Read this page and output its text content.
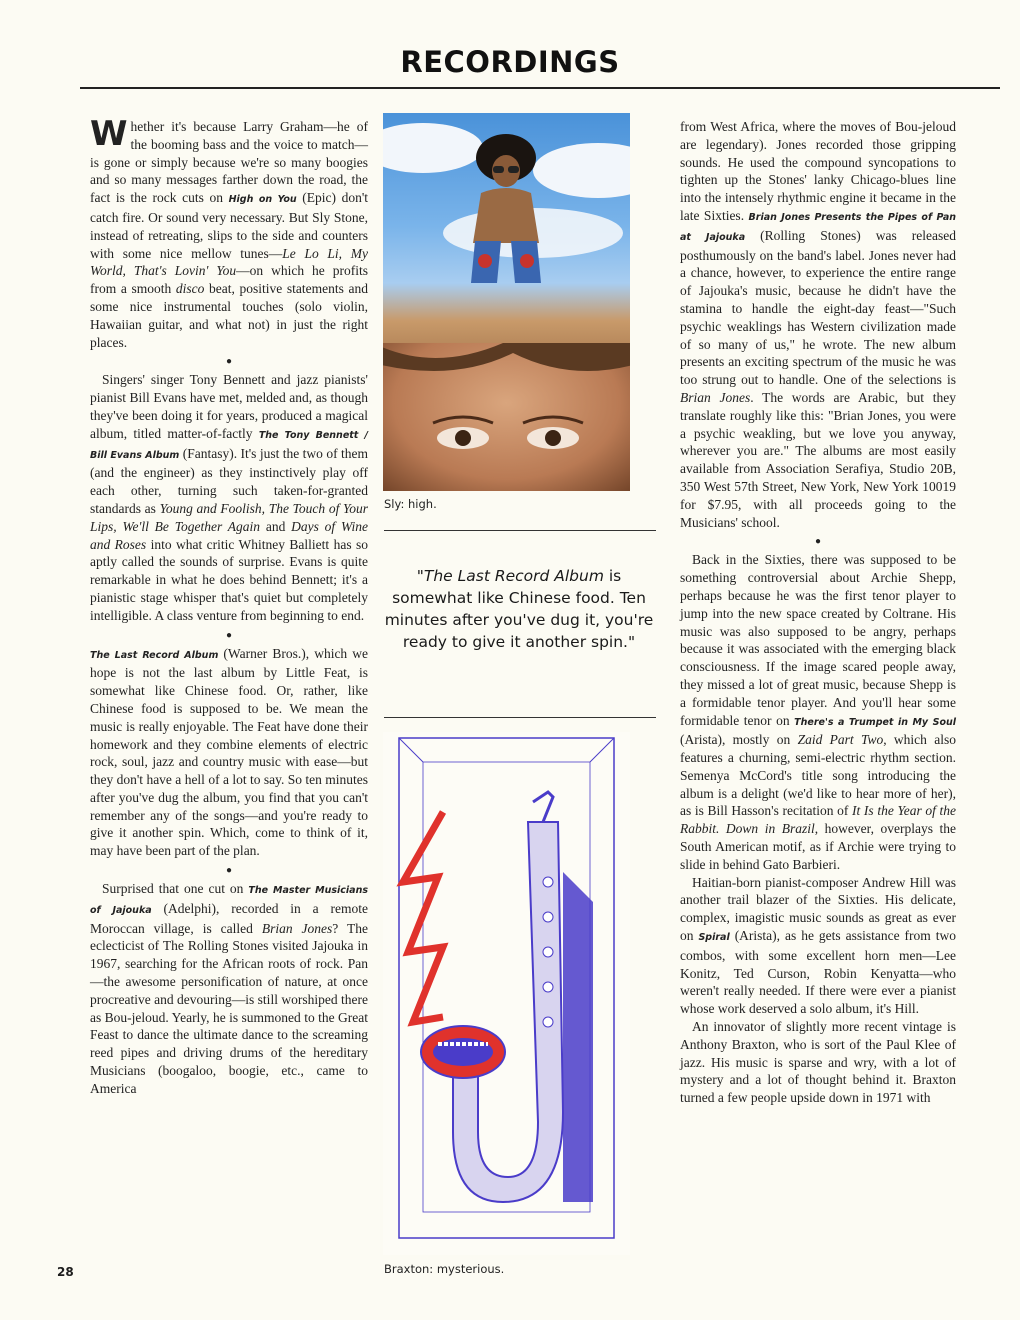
RECORDINGS

Whether it's because Larry Graham—he of the booming bass and the voice to match—is gone or simply because we're so many boogies and so many messages farther down the road, the fact is the rock cuts on High on You (Epic) don't catch fire. Or sound very necessary. But Sly Stone, instead of retreating, slips to the side and counters with some nice mellow tunes—Le Lo Li, My World, That's Lovin' You—on which he profits from a smooth disco beat, positive statements and some nice instrumental touches (solo violin, Hawaiian guitar, and what not) in just the right places.

●

Singers' singer Tony Bennett and jazz pianists' pianist Bill Evans have met, melded and, as though they've been doing it for years, produced a magical album, titled matter-of-factly The Tony Bennett / Bill Evans Album (Fantasy). It's just the two of them (and the engineer) as they instinctively play off each other, turning such taken-for-granted standards as Young and Foolish, The Touch of Your Lips, We'll Be Together Again and Days of Wine and Roses into what critic Whitney Balliett has so aptly called the sounds of surprise. Evans is quite remarkable in what he does behind Bennett; it's a pianistic stage whisper that's quiet but completely intelligible. A class venture from beginning to end.

●

The Last Record Album (Warner Bros.), which we hope is not the last album by Little Feat, is somewhat like Chinese food. Or, rather, like Chinese food is supposed to be. We mean the music is really enjoyable. The Feat have done their homework and they combine elements of electric rock, soul, jazz and country music with ease—but they don't have a hell of a lot to say. So ten minutes after you've dug the album, you find that you can't remember any of the songs—and you're ready to give it another spin. Which, come to think of it, may have been part of the plan.

●

Surprised that one cut on The Master Musicians of Jajouka (Adelphi), recorded in a remote Moroccan village, is called Brian Jones? The eclecticist of The Rolling Stones visited Jajouka in 1967, searching for the African roots of rock. Pan—the awesome personification of nature, at once procreative and devouring—is still worshiped there as Bou-jeloud. Yearly, he is summoned to the Great Feast to dance the ultimate dance to the screaming reed pipes and driving drums of the hereditary Musicians (boogaloo, boogie, etc., came to America

Sly: high.
"The Last Record Album is somewhat like Chinese food. Ten minutes after you've dug it, you're ready to give it another spin."
Braxton: mysterious.

from West Africa, where the moves of Bou-jeloud are legendary). Jones recorded those gripping sounds. He used the compound syncopations to tighten up the Stones' lanky Chicago-blues line into the intensely rhythmic engine it became in the late Sixties. Brian Jones Presents the Pipes of Pan at Jajouka (Rolling Stones) was released posthumously on the band's label. Jones never had a chance, however, to experience the entire range of Jajouka's music, because he didn't have the stamina to handle the eight-day feast—"Such psychic weaklings has Western civilization made of so many of us," he wrote. The new album presents an exciting spectrum of the music he was too strung out to handle. One of the selections is Brian Jones. The words are Arabic, but they translate roughly like this: "Brian Jones, you were a psychic weakling, but we love you anyway, wherever you are." The albums are most easily available from Association Serafiya, Studio 20B, 350 West 57th Street, New York, New York 10019 for $7.95, with all proceeds going to the Musicians' school.

●

Back in the Sixties, there was supposed to be something controversial about Archie Shepp, perhaps because he was the first tenor player to jump into the new space created by Coltrane. His music was also supposed to be angry, perhaps because it was associated with the emerging black consciousness. If the image scared people away, they missed a lot of great music, because Shepp is a formidable tenor player. And you'll hear some formidable tenor on There's a Trumpet in My Soul (Arista), mostly on Zaid Part Two, which also features a churning, semi-electric rhythm section. Semenya McCord's title song introducing the album is a delight (we'd like to hear more of her), as is Bill Hasson's recitation of It Is the Year of the Rabbit. Down in Brazil, however, overplays the South American motif, as if Archie were trying to slide in behind Gato Barbieri.

Haitian-born pianist-composer Andrew Hill was another trail blazer of the Sixties. His delicate, complex, imagistic music sounds as great as ever on Spiral (Arista), as he gets assistance from two combos, with some excellent horn men—Lee Konitz, Ted Curson, Robin Kenyatta—who weren't really needed. If there were ever a pianist whose work deserved a solo album, it's Hill.

An innovator of slightly more recent vintage is Anthony Braxton, who is sort of the Paul Klee of jazz. His music is sparse and wry, with a lot of mystery and a lot of thought behind it. Braxton turned a few people upside down in 1971 with

28
